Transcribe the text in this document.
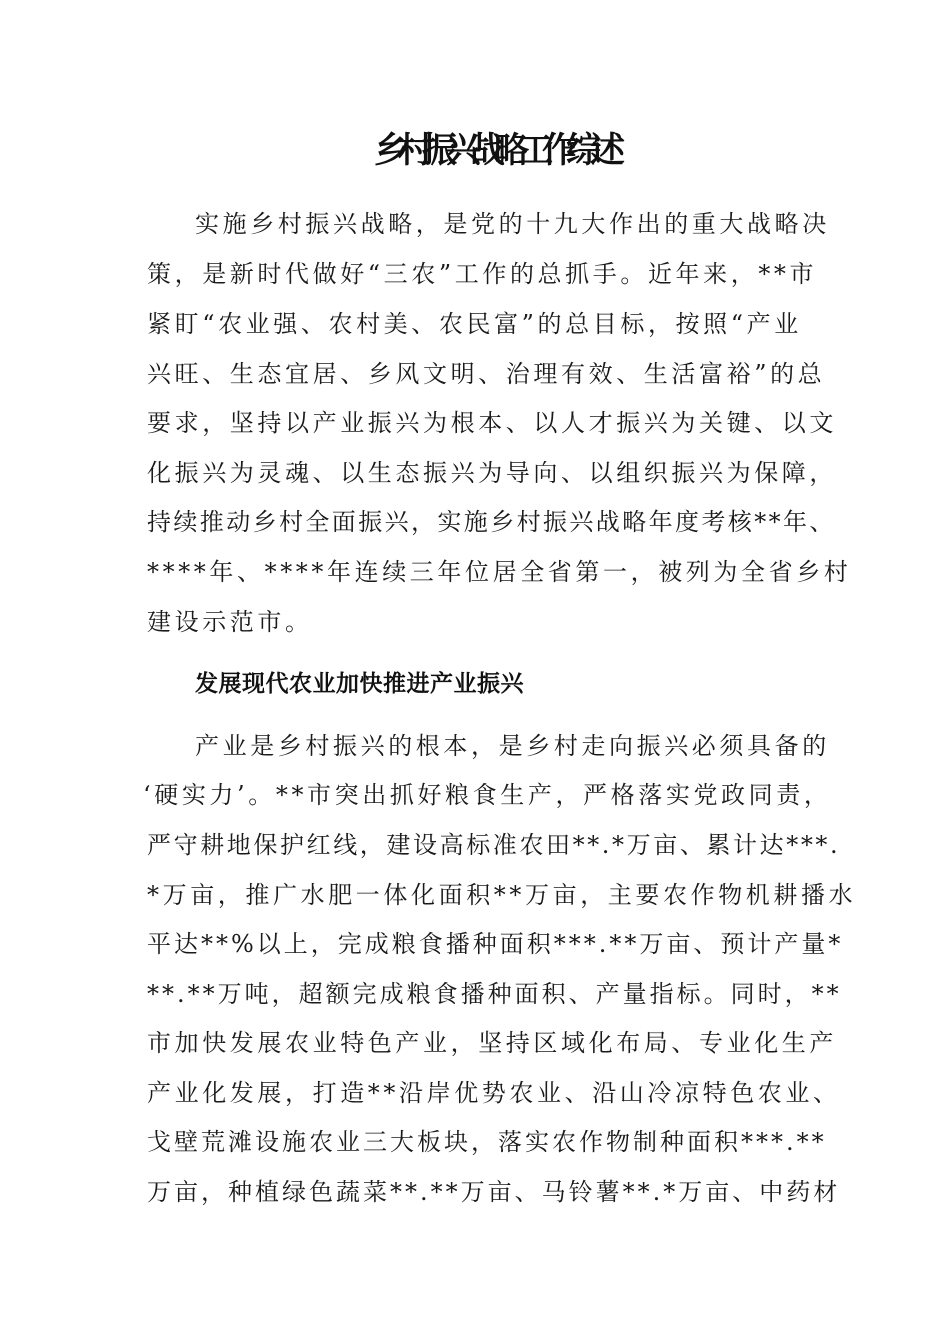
乡村振兴战略工作综述
实施乡村振兴战略，是党的十九大作出的重大战略决
策，是新时代做好“三农”工作的总抓手。近年来，**市
紧盯“农业强、农村美、农民富”的总目标，按照“产业
兴旺、生态宜居、乡风文明、治理有效、生活富裕”的总
要求，坚持以产业振兴为根本、以人才振兴为关键、以文
化振兴为灵魂、以生态振兴为导向、以组织振兴为保障，
持续推动乡村全面振兴，实施乡村振兴战略年度考核**年、
****年、****年连续三年位居全省第一，被列为全省乡村
建设示范市。
发展现代农业加快推进产业振兴
产业是乡村振兴的根本，是乡村走向振兴必须具备的
‘硬实力’。**市突出抓好粮食生产，严格落实党政同责，
严守耕地保护红线，建设高标准农田**.*万亩、累计达***.
*万亩，推广水肥一体化面积**万亩，主要农作物机耕播水
平达**%以上，完成粮食播种面积***.**万亩、预计产量*
**.**万吨，超额完成粮食播种面积、产量指标。同时，**
市加快发展农业特色产业，坚持区域化布局、专业化生产
产业化发展，打造**沿岸优势农业、沿山冷凉特色农业、
戈壁荒滩设施农业三大板块，落实农作物制种面积***.**
万亩，种植绿色蔬菜**.**万亩、马铃薯**.*万亩、中药材
